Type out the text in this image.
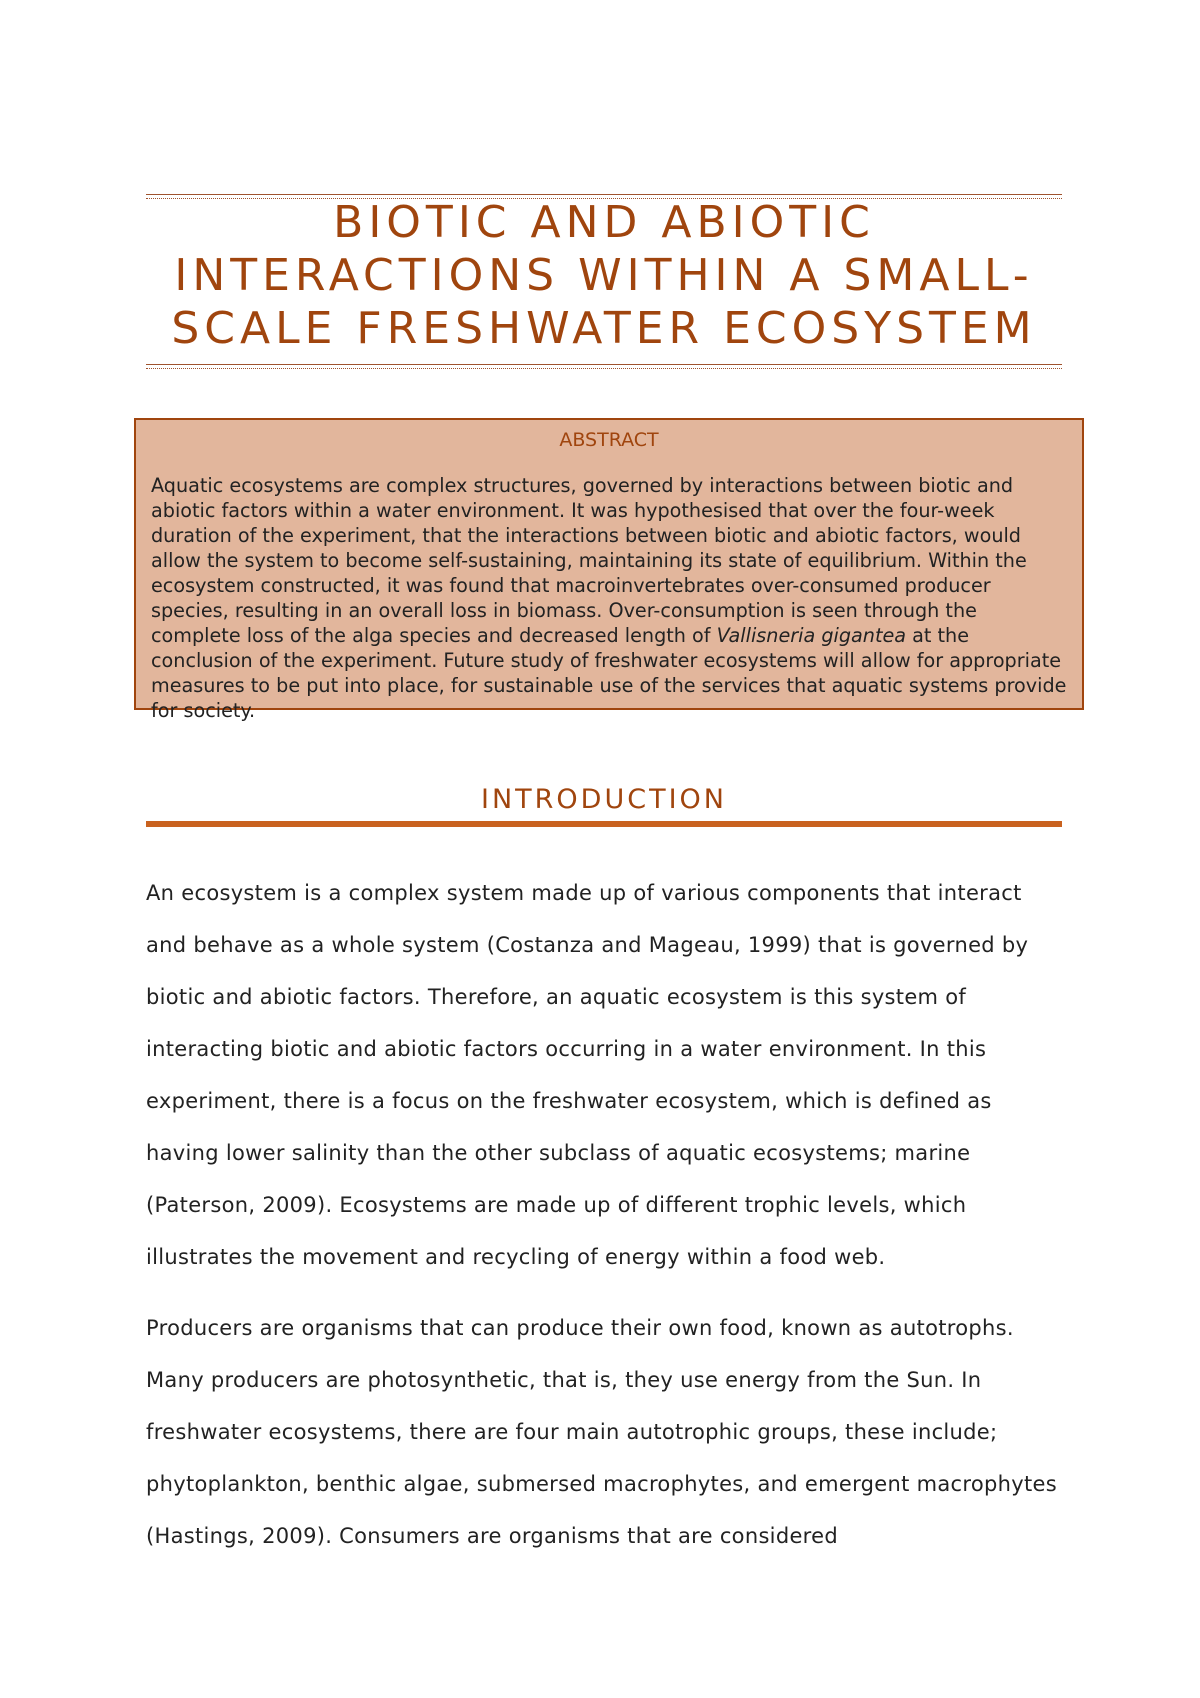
BIOTIC AND ABIOTIC INTERACTIONS WITHIN A SMALL-SCALE FRESHWATER ECOSYSTEM
ABSTRACT
Aquatic ecosystems are complex structures, governed by interactions between biotic and abiotic factors within a water environment. It was hypothesised that over the four-week duration of the experiment, that the interactions between biotic and abiotic factors, would allow the system to become self-sustaining, maintaining its state of equilibrium. Within the ecosystem constructed, it was found that macroinvertebrates over-consumed producer species, resulting in an overall loss in biomass. Over-consumption is seen through the complete loss of the alga species and decreased length of Vallisneria gigantea at the conclusion of the experiment. Future study of freshwater ecosystems will allow for appropriate measures to be put into place, for sustainable use of the services that aquatic systems provide for society.
INTRODUCTION

An ecosystem is a complex system made up of various components that interact and behave as a whole system (Costanza and Mageau, 1999) that is governed by biotic and abiotic factors. Therefore, an aquatic ecosystem is this system of interacting biotic and abiotic factors occurring in a water environment. In this experiment, there is a focus on the freshwater ecosystem, which is defined as having lower salinity than the other subclass of aquatic ecosystems; marine (Paterson, 2009). Ecosystems are made up of different trophic levels, which illustrates the movement and recycling of energy within a food web.

Producers are organisms that can produce their own food, known as autotrophs. Many producers are photosynthetic, that is, they use energy from the Sun. In freshwater ecosystems, there are four main autotrophic groups, these include; phytoplankton, benthic algae, submersed macrophytes, and emergent macrophytes (Hastings, 2009). Consumers are organisms that are considered
